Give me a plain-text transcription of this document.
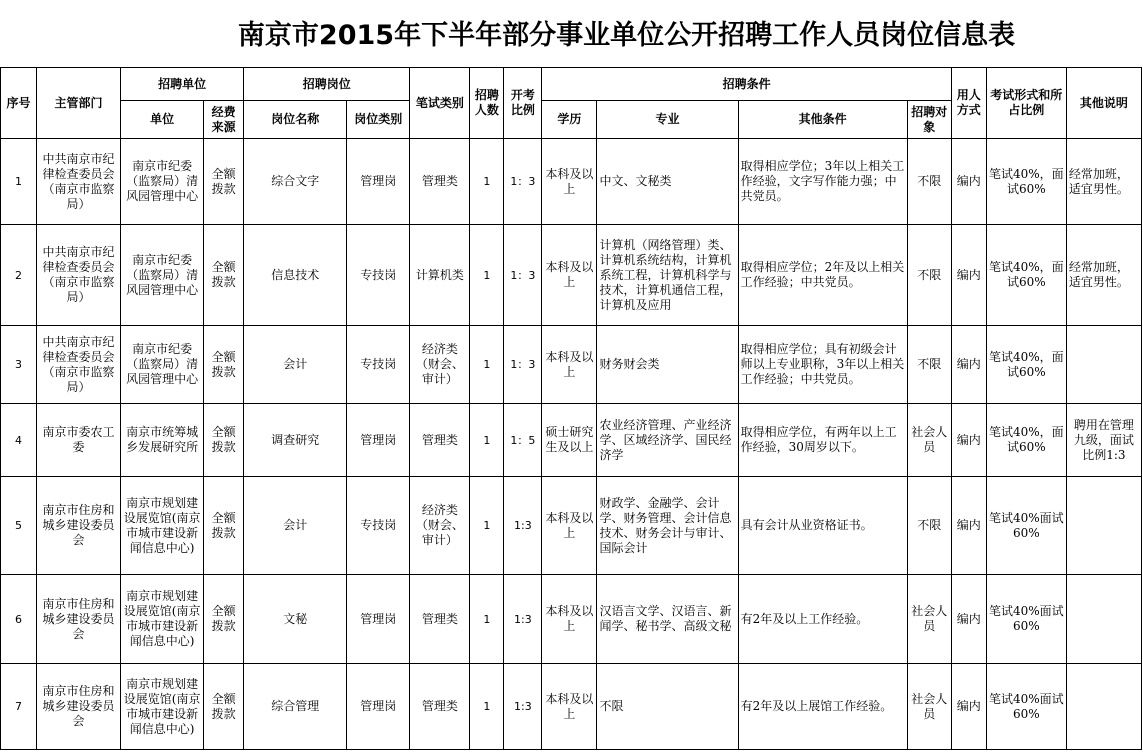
南京市2015年下半年部分事业单位公开招聘工作人员岗位信息表
序号	主管部门	招聘单位		招聘岗位		笔试类别	招聘人数	开考比例	招聘条件				用人方式	考试形式和所占比例	其他说明
		单位	经费来源	岗位名称	岗位类别				学历	专业	其他条件	招聘对象			
1	中共南京市纪律检查委员会（南京市监察局）	南京市纪委（监察局）清风园管理中心	全额拨款	综合文字	管理岗	管理类	1	1：3	本科及以上	中文、文秘类	取得相应学位；3年以上相关工作经验，文字写作能力强；中共党员。	不限	编内	笔试40%，面试60%	经常加班，适宜男性。
2	中共南京市纪律检查委员会（南京市监察局）	南京市纪委（监察局）清风园管理中心	全额拨款	信息技术	专技岗	计算机类	1	1：3	本科及以上	计算机（网络管理）类、计算机系统结构，计算机系统工程，计算机科学与技术，计算机通信工程，计算机及应用	取得相应学位；2年及以上相关工作经验；中共党员。	不限	编内	笔试40%，面试60%	经常加班，适宜男性。
3	中共南京市纪律检查委员会（南京市监察局）	南京市纪委（监察局）清风园管理中心	全额拨款	会计	专技岗	经济类（财会、审计）	1	1：3	本科及以上	财务财会类	取得相应学位；具有初级会计师以上专业职称，3年以上相关工作经验；中共党员。	不限	编内	笔试40%，面试60%	
4	南京市委农工委	南京市统筹城乡发展研究所	全额拨款	调查研究	管理岗	管理类	1	1：5	硕士研究生及以上	农业经济管理、产业经济学、区域经济学、国民经济学	取得相应学位，有两年以上工作经验，30周岁以下。	社会人员	编内	笔试40%，面试60%	聘用在管理九级，面试比例1:3
5	南京市住房和城乡建设委员会	南京市规划建设展览馆(南京市城市建设新闻信息中心)	全额拨款	会计	专技岗	经济类（财会、审计）	1	1:3	本科及以上	财政学、金融学、会计学、财务管理、会计信息技术、财务会计与审计、国际会计	具有会计从业资格证书。	不限	编内	笔试40%面试60%	
6	南京市住房和城乡建设委员会	南京市规划建设展览馆(南京市城市建设新闻信息中心)	全额拨款	文秘	管理岗	管理类	1	1:3	本科及以上	汉语言文学、汉语言、新闻学、秘书学、高级文秘	有2年及以上工作经验。	社会人员	编内	笔试40%面试60%	
7	南京市住房和城乡建设委员会	南京市规划建设展览馆(南京市城市建设新闻信息中心)	全额拨款	综合管理	管理岗	管理类	1	1:3	本科及以上	不限	有2年及以上展馆工作经验。	社会人员	编内	笔试40%面试60%	
